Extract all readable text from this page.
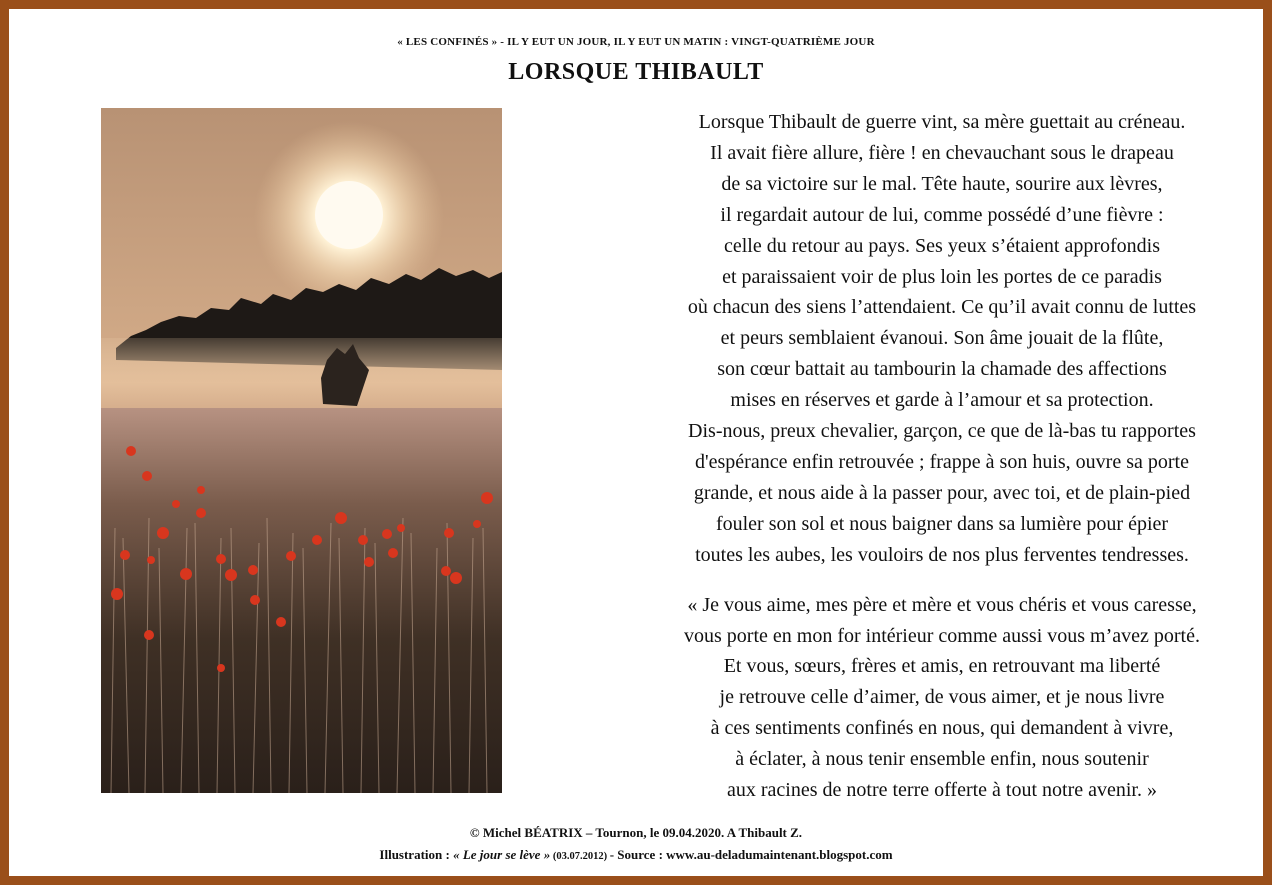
« LES CONFINÉS » - IL Y EUT UN JOUR, IL Y EUT UN MATIN : VINGT-QUATRIÈME JOUR
LORSQUE THIBAULT

Lorsque Thibault de guerre vint, sa mère guettait au créneau.
Il avait fière allure, fière ! en chevauchant sous le drapeau
de sa victoire sur le mal. Tête haute, sourire aux lèvres,
il regardait autour de lui, comme possédé d’une fièvre :
celle du retour au pays. Ses yeux s’étaient approfondis
et paraissaient voir de plus loin les portes de ce paradis
où chacun des siens l’attendaient. Ce qu’il avait connu de luttes
et peurs semblaient évanoui. Son âme jouait de la flûte,
son cœur battait au tambourin la chamade des affections
mises en réserves et garde à l’amour et sa protection.
Dis-nous, preux chevalier, garçon, ce que de là-bas tu rapportes
d'espérance enfin retrouvée ; frappe à son huis, ouvre sa porte
grande, et nous aide à la passer pour, avec toi, et de plain-pied
fouler son sol et nous baigner dans sa lumière pour épier
toutes les aubes, les vouloirs de nos plus ferventes tendresses.

« Je vous aime, mes père et mère et vous chéris et vous caresse,
vous porte en mon for intérieur comme aussi vous m’avez porté.
Et vous, sœurs, frères et amis, en retrouvant ma liberté
je retrouve celle d’aimer, de vous aimer, et je nous livre
à ces sentiments confinés en nous, qui demandent à vivre,
à éclater, à nous tenir ensemble enfin, nous soutenir
aux racines de notre terre offerte à tout notre avenir. »

© Michel BÉATRIX – Tournon, le 09.04.2020. A Thibault Z.
Illustration : « Le jour se lève » (03.07.2012) - Source : www.au-deladumaintenant.blogspot.com
